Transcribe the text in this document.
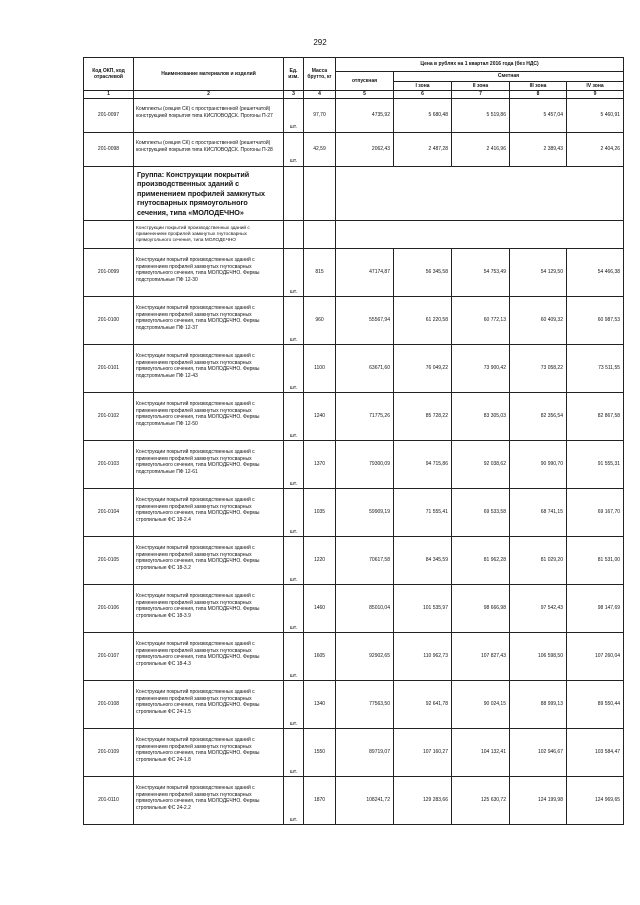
292
Код ОКП, код отраслевой	Наименование материалов и изделий	Ед. изм.	Масса брутто, кг	Цена в рублях на 1 квартал 2016 года (без НДС)				
				отпускная	Сметная			
					I зона	II зона	III зона	IV зона
1	2	3	4	5	6	7	8	9
201-0097	Комплекты (секция СК) с пространственной (решетчатой) конструкцией покрытия типа КИСЛОВОДСК. Прогоны П-27	шт.	97,70	4735,92	5 680,48	5 519,86	5 457,04	5 460,91
201-0098	Комплекты (секция СК) с пространственной (решетчатой) конструкцией покрытия типа КИСЛОВОДСК. Прогоны П-28	шт.	42,59	2062,43	2 487,28	2 416,96	2 389,43	2 404,26
	Группа: Конструкции покрытий производственных зданий с применением профилей замкнутых гнутосварных прямоугольного сечения, типа «МОЛОДЕЧНО»							
	Конструкции покрытий производственных зданий с применением профилей замкнутых гнутосварных прямоугольного сечения, типа МОЛОДЕЧНО							
201-0099	Конструкции покрытий производственных зданий с применением профилей замкнутых гнутосварных прямоугольного сечения, типа МОЛОДЕЧНО. Фермы подстропильные ПФ 12-30	шт.	815	47174,87	56 345,58	54 753,49	54 129,50	54 466,38
201-0100	Конструкции покрытий производственных зданий с применением профилей замкнутых гнутосварных прямоугольного сечения, типа МОЛОДЕЧНО. Фермы подстропильные ПФ 12-37	шт.	960	55567,94	61 220,58	60 772,13	60 409,32	60 987,53
201-0101	Конструкции покрытий производственных зданий с применением профилей замкнутых гнутосварных прямоугольного сечения, типа МОЛОДЕЧНО. Фермы подстропильные ПФ 12-43	шт.	1100	63671,60	76 049,22	73 900,42	73 058,22	73 511,55
201-0102	Конструкции покрытий производственных зданий с применением профилей замкнутых гнутосварных прямоугольного сечения, типа МОЛОДЕЧНО. Фермы подстропильные ПФ 12-50	шт.	1240	71775,26	85 728,22	83 305,03	82 356,54	82 867,58
201-0103	Конструкции покрытий производственных зданий с применением профилей замкнутых гнутосварных прямоугольного сечения, типа МОЛОДЕЧНО. Фермы подстропильные ПФ 12-61	шт.	1370	79300,09	94 715,86	92 038,62	90 990,70	91 555,31
201-0104	Конструкции покрытий производственных зданий с применением профилей замкнутых гнутосварных прямоугольного сечения, типа МОЛОДЕЧНО. Фермы стропильные ФС 18-2.4	шт.	1035	59909,19	71 555,41	69 533,58	68 741,15	69 167,70
201-0105	Конструкции покрытий производственных зданий с применением профилей замкнутых гнутосварных прямоугольного сечения, типа МОЛОДЕЧНО. Фермы стропильные ФС 18-3.2	шт.	1220	70617,58	84 345,59	81 962,28	81 029,20	81 531,00
201-0106	Конструкции покрытий производственных зданий с применением профилей замкнутых гнутосварных прямоугольного сечения, типа МОЛОДЕЧНО. Фермы стропильные ФС 18-3.9	шт.	1460	85010,04	101 535,97	98 666,98	97 542,43	98 147,69
201-0107	Конструкции покрытий производственных зданий с применением профилей замкнутых гнутосварных прямоугольного сечения, типа МОЛОДЕЧНО. Фермы стропильные ФС 18-4.3	шт.	1605	92902,65	110 962,73	107 827,43	106 598,50	107 260,04
201-0108	Конструкции покрытий производственных зданий с применением профилей замкнутых гнутосварных прямоугольного сечения, типа МОЛОДЕЧНО. Фермы стропильные ФС 24-1.5	шт.	1340	77563,50	92 641,78	90 024,15	88 999,13	89 550,44
201-0109	Конструкции покрытий производственных зданий с применением профилей замкнутых гнутосварных прямоугольного сечения, типа МОЛОДЕЧНО. Фермы стропильные ФС 24-1.8	шт.	1550	89719,07	107 160,27	104 132,41	102 946,67	103 584,47
201-0110	Конструкции покрытий производственных зданий с применением профилей замкнутых гнутосварных прямоугольного сечения, типа МОЛОДЕЧНО. Фермы стропильные ФС 24-2.2	шт.	1870	108241,72	129 283,66	125 630,72	124 199,98	124 969,65
